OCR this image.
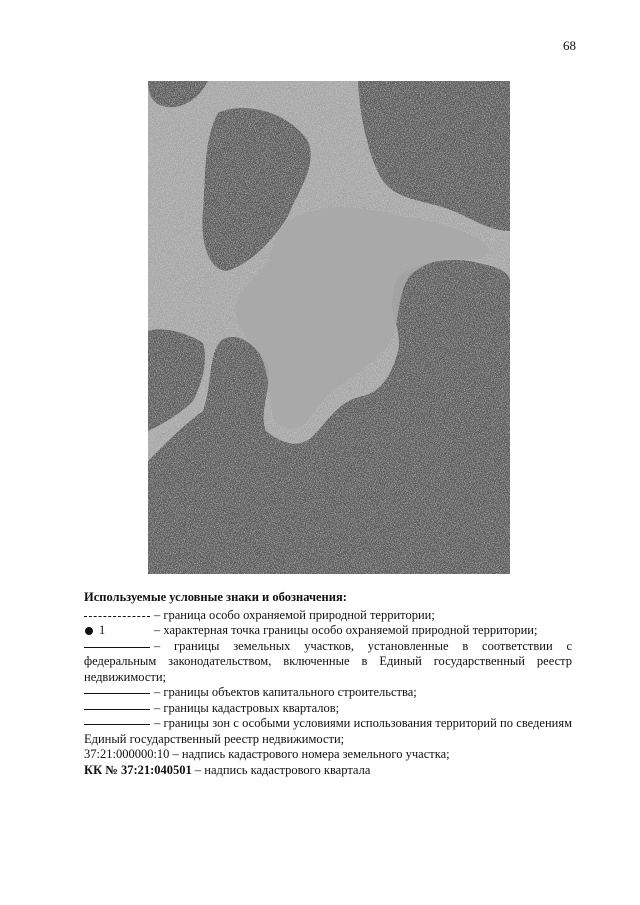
68
Используемые условные знаки и обозначения:
– граница особо охраняемой природной территории;
1	– характерная точка границы особо охраняемой природной территории;
– границы земельных участков, установленные в соответствии с федеральным законодательством, включенные в Единый государственный реестр недвижимости;
– границы объектов капитального строительства;
– границы кадастровых кварталов;
– границы зон с особыми условиями использования территорий по сведениям Единый государственный реестр недвижимости;
37:21:000000:10 – надпись кадастрового номера земельного участка;
КК № 37:21:040501 – надпись кадастрового квартала
